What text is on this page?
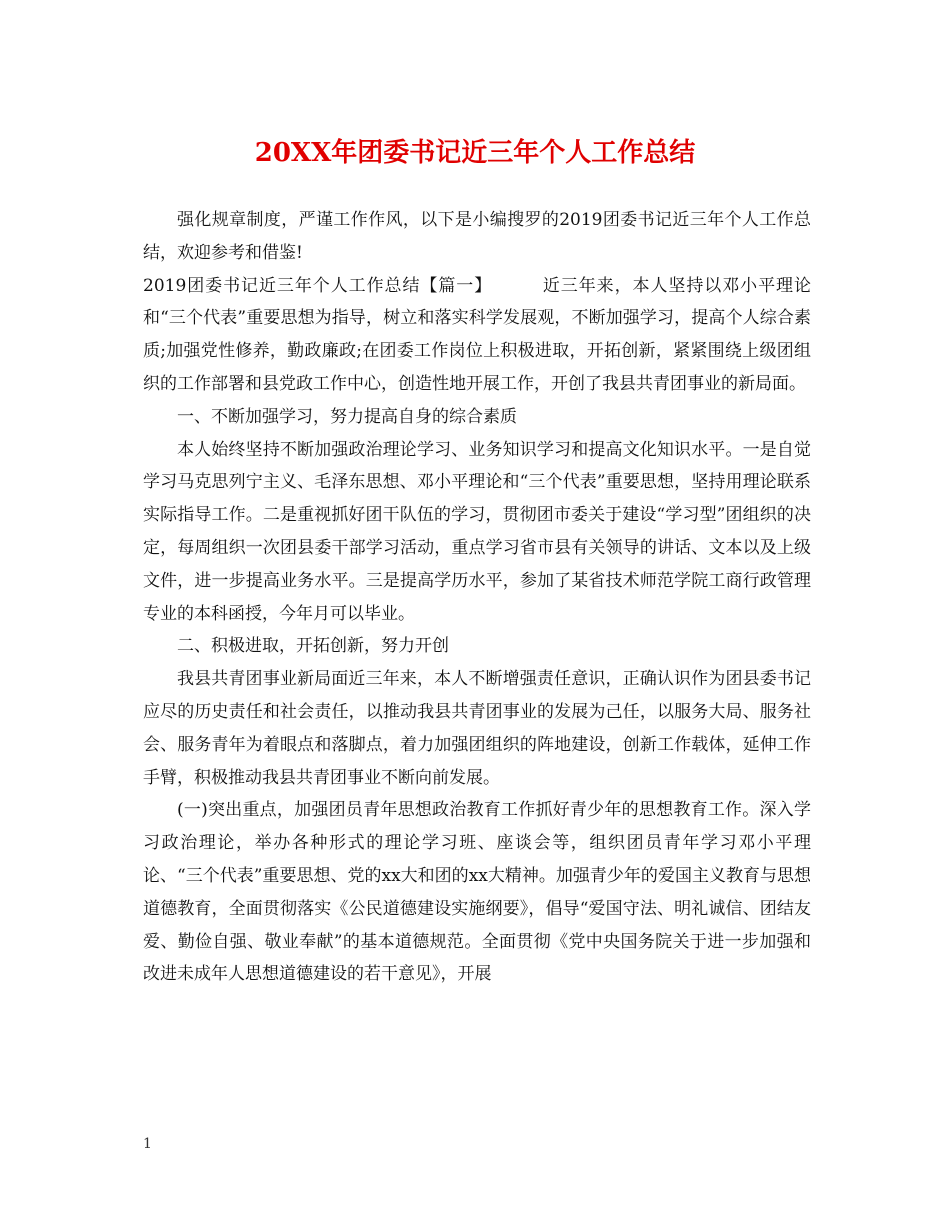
20XX年团委书记近三年个人工作总结

强化规章制度，严谨工作作风，以下是小编搜罗的2019团委书记近三年个人工作总结，欢迎参考和借鉴!

2019团委书记近三年个人工作总结【篇一】	近三年来，本人坚持以邓小平理论和“三个代表”重要思想为指导，树立和落实科学发展观，不断加强学习，提高个人综合素质;加强党性修养，勤政廉政;在团委工作岗位上积极进取，开拓创新，紧紧围绕上级团组织的工作部署和县党政工作中心，创造性地开展工作，开创了我县共青团事业的新局面。

一、不断加强学习，努力提高自身的综合素质

本人始终坚持不断加强政治理论学习、业务知识学习和提高文化知识水平。一是自觉学习马克思列宁主义、毛泽东思想、邓小平理论和“三个代表”重要思想，坚持用理论联系实际指导工作。二是重视抓好团干队伍的学习，贯彻团市委关于建设“学习型”团组织的决定，每周组织一次团县委干部学习活动，重点学习省市县有关领导的讲话、文本以及上级文件，进一步提高业务水平。三是提高学历水平，参加了某省技术师范学院工商行政管理专业的本科函授，今年月可以毕业。

二、积极进取，开拓创新，努力开创

我县共青团事业新局面近三年来，本人不断增强责任意识，正确认识作为团县委书记应尽的历史责任和社会责任，以推动我县共青团事业的发展为己任，以服务大局、服务社会、服务青年为着眼点和落脚点，着力加强团组织的阵地建设，创新工作载体，延伸工作手臂，积极推动我县共青团事业不断向前发展。

(一)突出重点，加强团员青年思想政治教育工作抓好青少年的思想教育工作。深入学习政治理论，举办各种形式的理论学习班、座谈会等，组织团员青年学习邓小平理论、“三个代表”重要思想、党的xx大和团的xx大精神。加强青少年的爱国主义教育与思想道德教育，全面贯彻落实《公民道德建设实施纲要》，倡导“爱国守法、明礼诚信、团结友爱、勤俭自强、敬业奉献”的基本道德规范。全面贯彻《党中央国务院关于进一步加强和改进未成年人思想道德建设的若干意见》，开展

1
